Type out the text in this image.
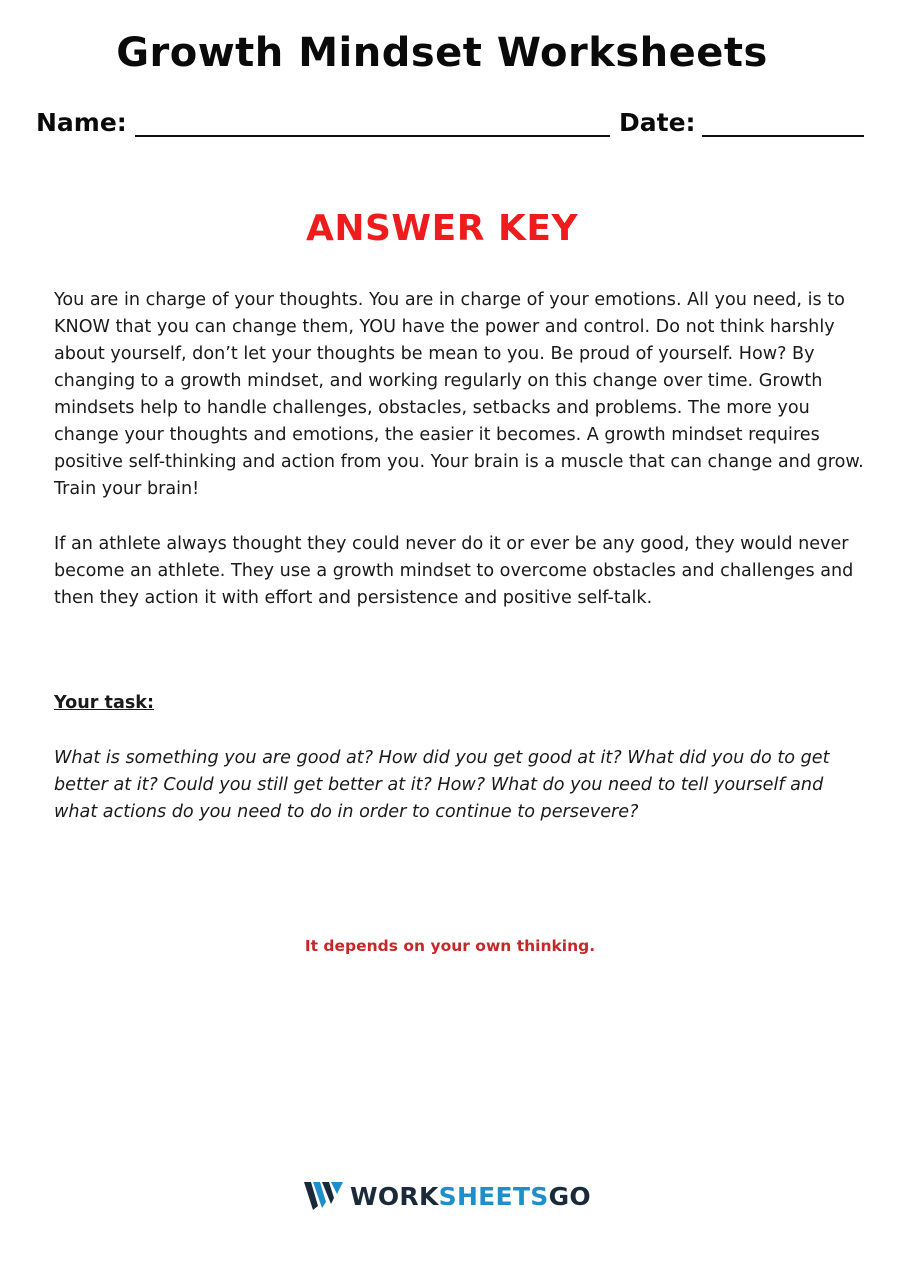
Growth Mindset Worksheets
Name:	Date:
ANSWER KEY

You are in charge of your thoughts. You are in charge of your emotions. All you need, is to KNOW that you can change them, YOU have the power and control. Do not think harshly about yourself, don’t let your thoughts be mean to you. Be proud of yourself. How? By changing to a growth mindset, and working regularly on this change over time. Growth mindsets help to handle challenges, obstacles, setbacks and problems. The more you change your thoughts and emotions, the easier it becomes. A growth mindset requires positive self-thinking and action from you. Your brain is a muscle that can change and grow. Train your brain!

If an athlete always thought they could never do it or ever be any good, they would never become an athlete. They use a growth mindset to overcome obstacles and challenges and then they action it with effort and persistence and positive self-talk.

Your task:

What is something you are good at? How did you get good at it? What did you do to get better at it? Could you still get better at it? How? What do you need to tell yourself and what actions do you need to do in order to continue to persevere?

It depends on your own thinking.
WORKSHEETSGO
